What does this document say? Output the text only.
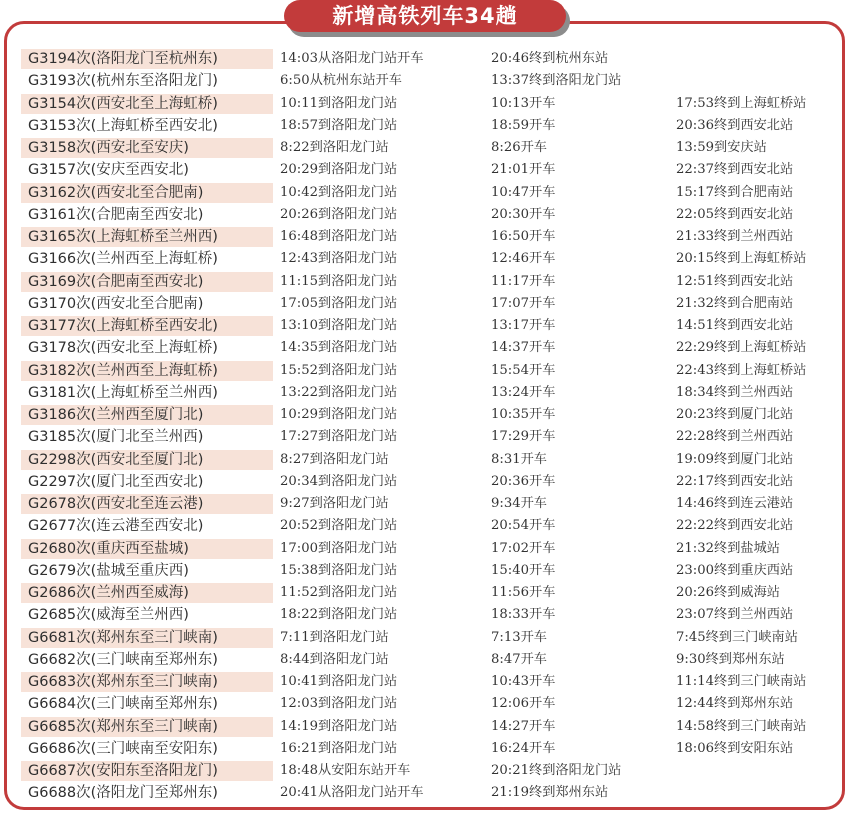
新增高铁列车34趟
G3194次(洛阳龙门至杭州东)	14:03从洛阳龙门站开车	20:46终到杭州东站
G3193次(杭州东至洛阳龙门)	6:50从杭州东站开车	13:37终到洛阳龙门站
G3154次(西安北至上海虹桥)	10:11到洛阳龙门站	10:13开车	17:53终到上海虹桥站
G3153次(上海虹桥至西安北)	18:57到洛阳龙门站	18:59开车	20:36终到西安北站
G3158次(西安北至安庆)	8:22到洛阳龙门站	8:26开车	13:59到安庆站
G3157次(安庆至西安北)	20:29到洛阳龙门站	21:01开车	22:37终到西安北站
G3162次(西安北至合肥南)	10:42到洛阳龙门站	10:47开车	15:17终到合肥南站
G3161次(合肥南至西安北)	20:26到洛阳龙门站	20:30开车	22:05终到西安北站
G3165次(上海虹桥至兰州西)	16:48到洛阳龙门站	16:50开车	21:33终到兰州西站
G3166次(兰州西至上海虹桥)	12:43到洛阳龙门站	12:46开车	20:15终到上海虹桥站
G3169次(合肥南至西安北)	11:15到洛阳龙门站	11:17开车	12:51终到西安北站
G3170次(西安北至合肥南)	17:05到洛阳龙门站	17:07开车	21:32终到合肥南站
G3177次(上海虹桥至西安北)	13:10到洛阳龙门站	13:17开车	14:51终到西安北站
G3178次(西安北至上海虹桥)	14:35到洛阳龙门站	14:37开车	22:29终到上海虹桥站
G3182次(兰州西至上海虹桥)	15:52到洛阳龙门站	15:54开车	22:43终到上海虹桥站
G3181次(上海虹桥至兰州西)	13:22到洛阳龙门站	13:24开车	18:34终到兰州西站
G3186次(兰州西至厦门北)	10:29到洛阳龙门站	10:35开车	20:23终到厦门北站
G3185次(厦门北至兰州西)	17:27到洛阳龙门站	17:29开车	22:28终到兰州西站
G2298次(西安北至厦门北)	8:27到洛阳龙门站	8:31开车	19:09终到厦门北站
G2297次(厦门北至西安北)	20:34到洛阳龙门站	20:36开车	22:17终到西安北站
G2678次(西安北至连云港)	9:27到洛阳龙门站	9:34开车	14:46终到连云港站
G2677次(连云港至西安北)	20:52到洛阳龙门站	20:54开车	22:22终到西安北站
G2680次(重庆西至盐城)	17:00到洛阳龙门站	17:02开车	21:32终到盐城站
G2679次(盐城至重庆西)	15:38到洛阳龙门站	15:40开车	23:00终到重庆西站
G2686次(兰州西至威海)	11:52到洛阳龙门站	11:56开车	20:26终到威海站
G2685次(威海至兰州西)	18:22到洛阳龙门站	18:33开车	23:07终到兰州西站
G6681次(郑州东至三门峡南)	7:11到洛阳龙门站	7:13开车	7:45终到三门峡南站
G6682次(三门峡南至郑州东)	8:44到洛阳龙门站	8:47开车	9:30终到郑州东站
G6683次(郑州东至三门峡南)	10:41到洛阳龙门站	10:43开车	11:14终到三门峡南站
G6684次(三门峡南至郑州东)	12:03到洛阳龙门站	12:06开车	12:44终到郑州东站
G6685次(郑州东至三门峡南)	14:19到洛阳龙门站	14:27开车	14:58终到三门峡南站
G6686次(三门峡南至安阳东)	16:21到洛阳龙门站	16:24开车	18:06终到安阳东站
G6687次(安阳东至洛阳龙门)	18:48从安阳东站开车	20:21终到洛阳龙门站
G6688次(洛阳龙门至郑州东)	20:41从洛阳龙门站开车	21:19终到郑州东站
